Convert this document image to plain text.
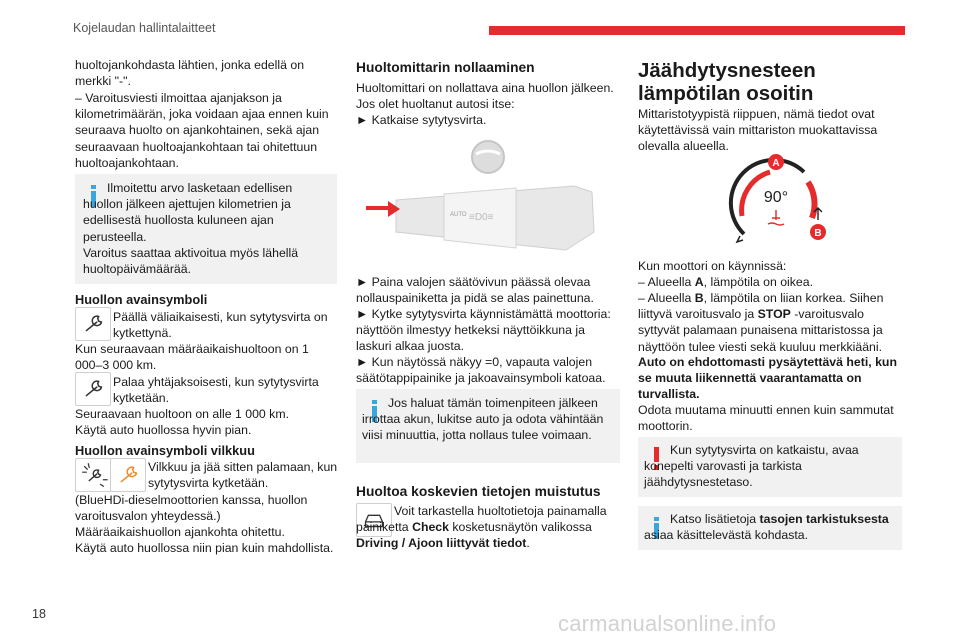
Kojelaudan hallintalaitteet
18

huoltojankohdasta lähtien, jonka edellä on merkki "-".

– Varoitusviesti ilmoittaa ajanjakson ja kilometrimäärän, joka voidaan ajaa ennen kuin seuraava huolto on ajankohtainen, sekä ajan seuraavaan huoltoajankohtaan tai ohitettuun huoltoajankohtaan.

Ilmoitettu arvo lasketaan edellisen huollon jälkeen ajettujen kilometrien ja edellisestä huollosta kuluneen ajan perusteella.
Varoitus saattaa aktivoitua myös lähellä huoltopäivämäärää.
Huollon avainsymboli

Päällä väliaikaisesti, kun sytytysvirta on kytkettynä.

Kun seuraavaan määräaikaishuoltoon on 1 000–3 000 km.

Palaa yhtäjaksoisesti, kun sytytysvirta kytketään.

Seuraavaan huoltoon on alle 1 000 km.

Käytä auto huollossa hyvin pian.

Huollon avainsymboli vilkkuu

Vilkkuu ja jää sitten palamaan, kun sytytysvirta kytketään.

(BlueHDi-dieselmoottorien kanssa, huollon varoitusvalon yhteydessä.)

Määräaikaishuollon ajankohta ohitettu.

Käytä auto huollossa niin pian kuin mahdollista.

Huoltomittarin nollaaminen

Huoltomittari on nollattava aina huollon jälkeen. Jos olet huoltanut autosi itse:

► Katkaise sytytysvirta.

AUTO ≡D0≡

► Paina valojen säätövivun päässä olevaa nollauspainiketta ja pidä se alas painettuna.

► Kytke sytytysvirta käynnistämättä moottoria: näyttöön ilmestyy hetkeksi näyttöikkuna ja laskuri alkaa juosta.

► Kun näytössä näkyy =0, vapauta valojen säätötappipainike ja jakoavainsymboli katoaa.

Jos haluat tämän toimenpiteen jälkeen irrottaa akun, lukitse auto ja odota vähintään viisi minuuttia, jotta nollaus tulee voimaan.
Huoltoa koskevien tietojen muistutus
Voit tarkastella huoltotietoja painamalla painiketta Check kosketusnäytön valikossa Driving / Ajoon liittyvät tiedot.
Jäähdytysnesteen
lämpötilan osoitin

Mittaristotyypistä riippuen, nämä tiedot ovat käytettävissä vain mittariston muokattavissa olevalla alueella.

A
B
90°

Kun moottori on käynnissä:

– Alueella A, lämpötila on oikea.

– Alueella B, lämpötila on liian korkea. Siihen liittyvä varoitusvalo ja STOP -varoitusvalo syttyvät palamaan punaisena mittaristossa ja näyttöön tulee viesti sekä kuuluu merkkiääni.

Auto on ehdottomasti pysäytettävä heti, kun se muuta liikennettä vaarantamatta on turvallista.

Odota muutama minuutti ennen kuin sammutat moottorin.

Kun sytytysvirta on katkaistu, avaa konepelti varovasti ja tarkista jäähdytysnestetaso.
Katso lisätietoja tasojen tarkistuksesta asiaa käsittelevästä kohdasta.
carmanualsonline.info
